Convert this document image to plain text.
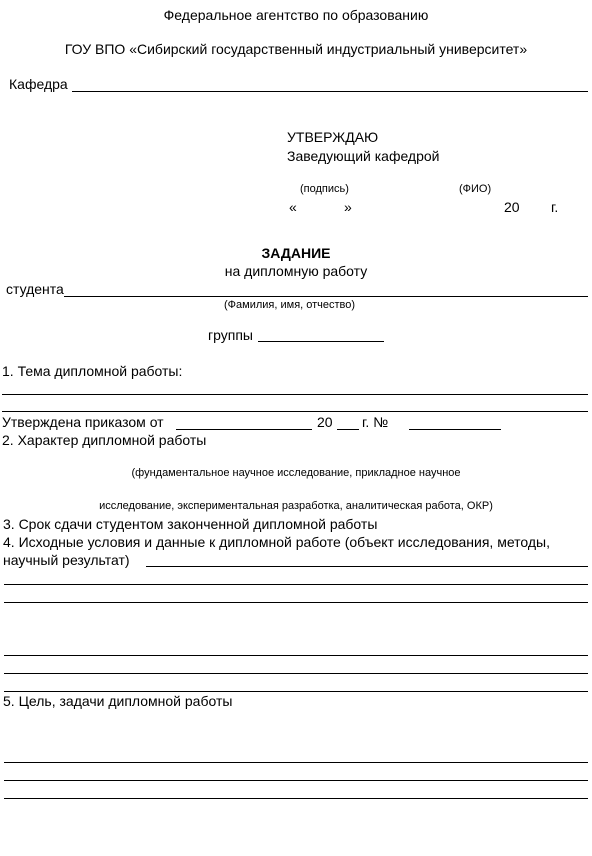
Федеральное агентство по образованию
ГОУ ВПО «Сибирский государственный индустриальный университет»
Кафедра
УТВЕРЖДАЮ
Заведующий кафедрой
(подпись)	(ФИО)
«	»	20 г.
ЗАДАНИЕ
на дипломную работу
студента
(Фамилия, имя, отчество)
группы
1. Тема дипломной работы:
Утверждена приказом от	20 г. №
2. Характер дипломной работы
(фундаментальное научное исследование, прикладное научное
исследование, экспериментальная разработка, аналитическая работа, ОКР)
3. Срок сдачи студентом законченной дипломной работы
4. Исходные условия и данные к дипломной работе (объект исследования, методы,
научный результат)
5. Цель, задачи дипломной работы
